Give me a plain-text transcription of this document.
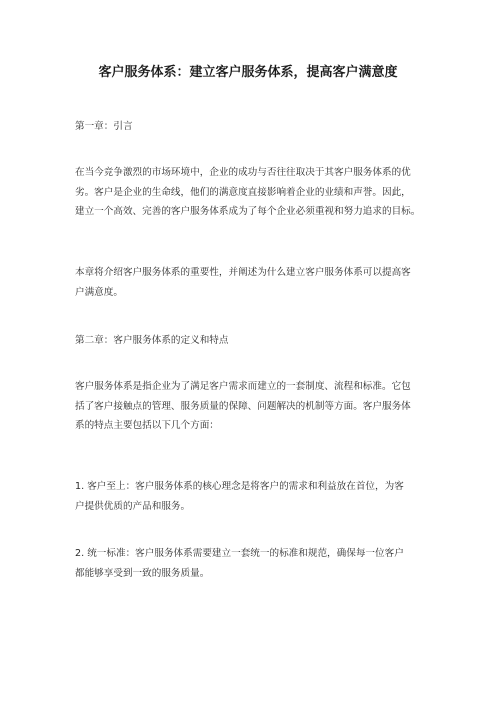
客户服务体系：建立客户服务体系，提高客户满意度
第一章：引言
在当今竞争激烈的市场环境中，企业的成功与否往往取决于其客户服务体系的优
劣。客户是企业的生命线，他们的满意度直接影响着企业的业绩和声誉。因此，
建立一个高效、完善的客户服务体系成为了每个企业必须重视和努力追求的目标。
本章将介绍客户服务体系的重要性，并阐述为什么建立客户服务体系可以提高客
户满意度。
第二章：客户服务体系的定义和特点
客户服务体系是指企业为了满足客户需求而建立的一套制度、流程和标准。它包
括了客户接触点的管理、服务质量的保障、问题解决的机制等方面。客户服务体
系的特点主要包括以下几个方面：
1. 客户至上：客户服务体系的核心理念是将客户的需求和利益放在首位，为客
户提供优质的产品和服务。
2. 统一标准：客户服务体系需要建立一套统一的标准和规范，确保每一位客户
都能够享受到一致的服务质量。
